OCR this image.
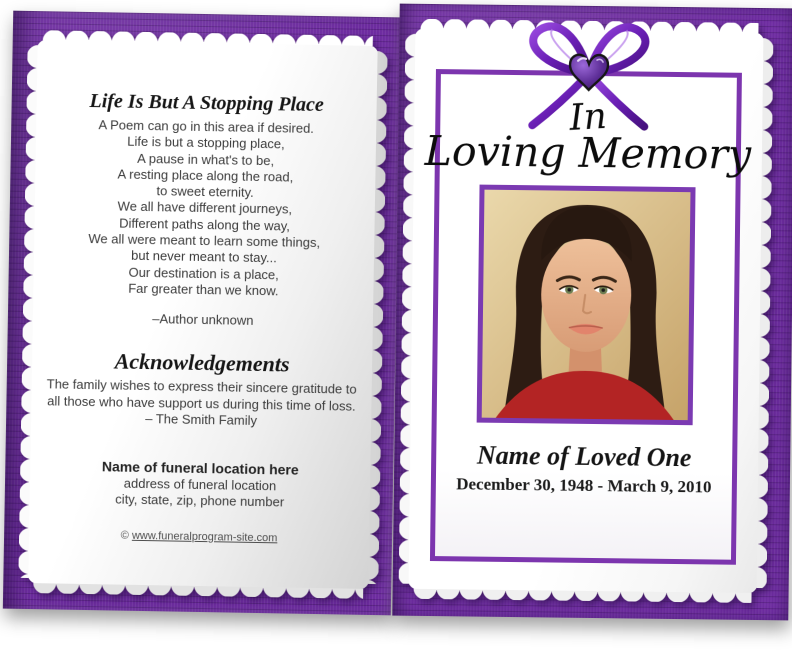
Life Is But A Stopping Place
A Poem can go in this area if desired.
Life is but a stopping place,
A pause in what's to be,
A resting place along the road,
to sweet eternity.
We all have different journeys,
Different paths along the way,
We all were meant to learn some things,
but never meant to stay...
Our destination is a place,
Far greater than we know.
–Author unknown
Acknowledgements
The family wishes to express their sincere gratitude to
all those who have support us during this time of loss.
– The Smith Family
Name of funeral location here
address of funeral location
city, state, zip, phone number
© www.funeralprogram-site.com
In
Loving Memory
Name of Loved One
December 30, 1948 - March 9, 2010
